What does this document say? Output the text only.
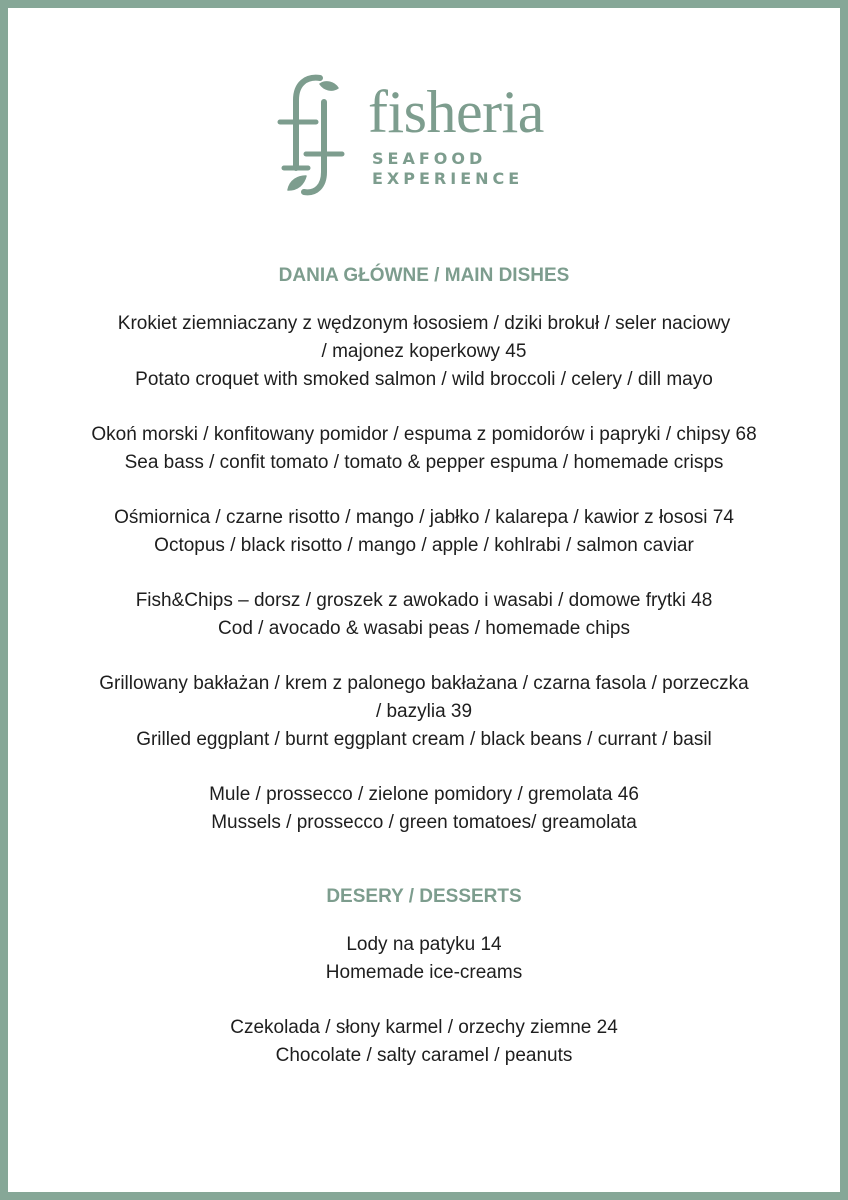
fisheria
SEAFOOD
EXPERIENCE
DANIA GŁÓWNE / MAIN DISHES
Krokiet ziemniaczany z wędzonym łososiem / dziki brokuł / seler naciowy
/ majonez koperkowy 45
Potato croquet with smoked salmon / wild broccoli / celery / dill mayo
Okoń morski / konfitowany pomidor / espuma z pomidorów i papryki / chipsy 68
Sea bass / confit tomato / tomato & pepper espuma / homemade crisps
Ośmiornica / czarne risotto / mango / jabłko / kalarepa / kawior z łososi 74
Octopus / black risotto / mango / apple / kohlrabi / salmon caviar
Fish&Chips – dorsz / groszek z awokado i wasabi / domowe frytki 48
Cod / avocado & wasabi peas / homemade chips
Grillowany bakłażan / krem z palonego bakłażana / czarna fasola / porzeczka
/ bazylia 39
Grilled eggplant / burnt eggplant cream / black beans / currant / basil
Mule / prossecco / zielone pomidory / gremolata 46
Mussels / prossecco / green tomatoes/ greamolata
DESERY / DESSERTS
Lody na patyku 14
Homemade ice-creams
Czekolada / słony karmel / orzechy ziemne 24
Chocolate / salty caramel / peanuts
